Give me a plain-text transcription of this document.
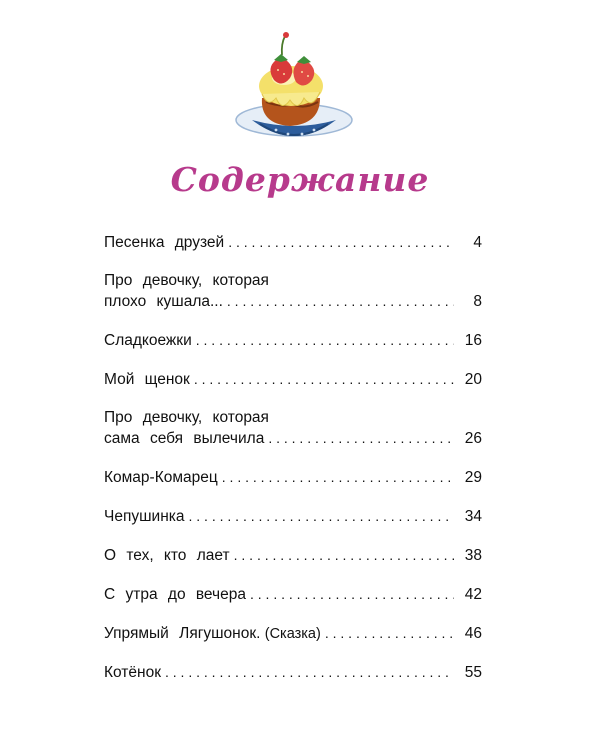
Содержание
Песенка друзей . . .	4
Про девочку, которая
плохо кушала... . . .	8
Сладкоежки . . .	16
Мой щенок . . .	20
Про девочку, которая
сама себя вылечила . . .	26
Комар-Комарец . . .	29
Чепушинка . . .	34
О тех, кто лает . . .	38
С утра до вечера . . .	42
Упрямый Лягушонок.
(Сказка) . . .	46
Котёнок . . .	55
